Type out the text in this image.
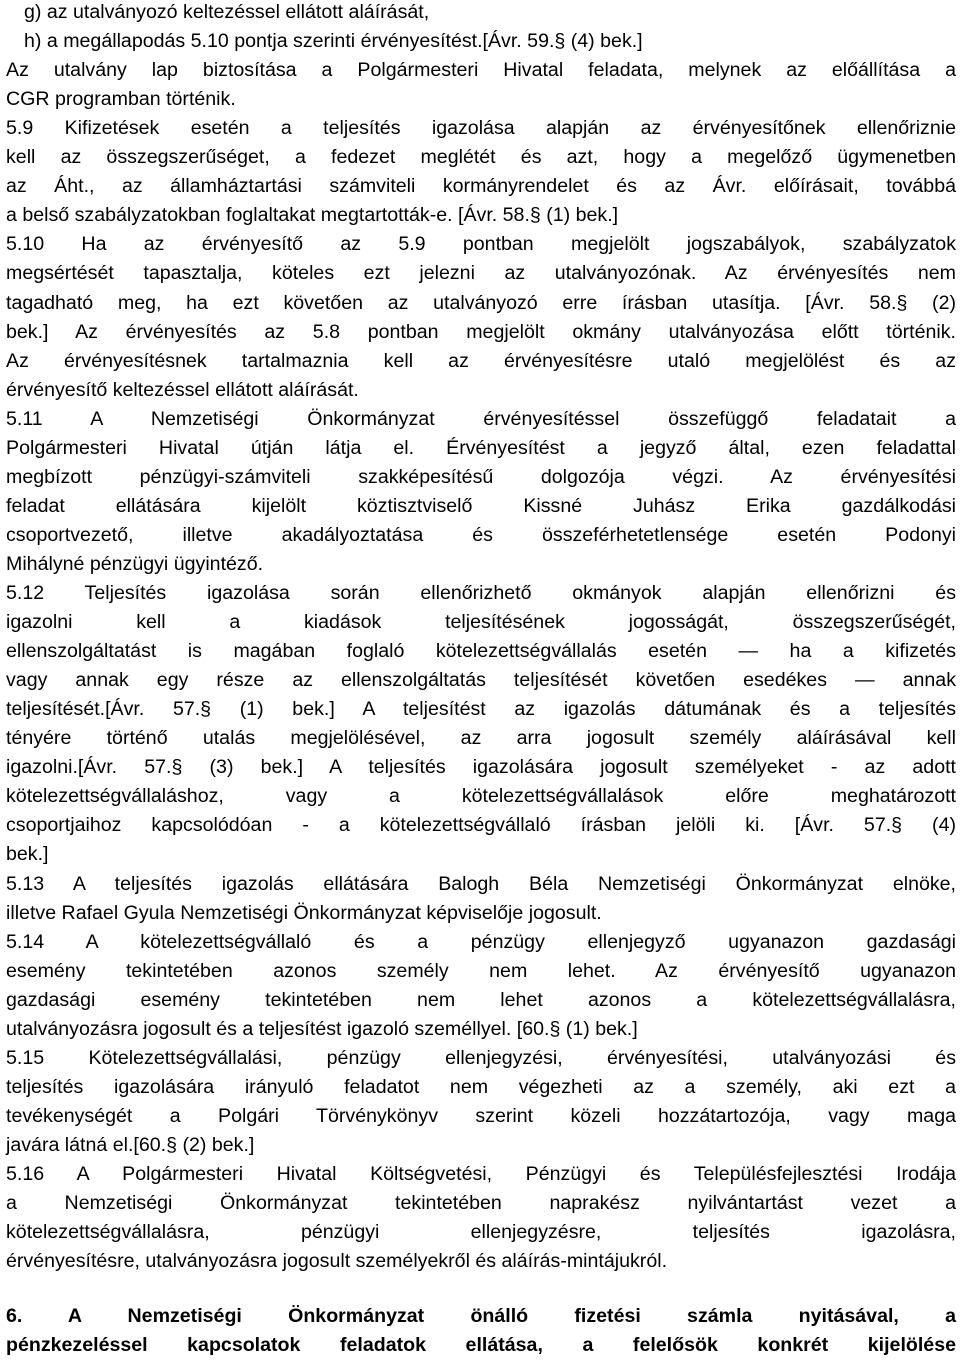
g) az utalványozó keltezéssel ellátott aláírását,
h) a megállapodás 5.10 pontja szerinti érvényesítést.[Ávr. 59.§ (4) bek.]
Az utalvány lap biztosítása a Polgármesteri Hivatal feladata, melynek az előállítása a
CGR programban történik.
5.9 Kifizetések esetén a teljesítés igazolása alapján az érvényesítőnek ellenőriznie
kell az összegszerűséget, a fedezet meglétét és azt, hogy a megelőző ügymenetben
az Áht., az államháztartási számviteli kormányrendelet és az Ávr. előírásait, továbbá
a belső szabályzatokban foglaltakat megtartották-e. [Ávr. 58.§ (1) bek.]
5.10 Ha az érvényesítő az 5.9 pontban megjelölt jogszabályok, szabályzatok
megsértését tapasztalja, köteles ezt jelezni az utalványozónak. Az érvényesítés nem
tagadható meg, ha ezt követően az utalványozó erre írásban utasítja. [Ávr. 58.§ (2)
bek.] Az érvényesítés az 5.8 pontban megjelölt okmány utalványozása előtt történik.
Az érvényesítésnek tartalmaznia kell az érvényesítésre utaló megjelölést és az
érvényesítő keltezéssel ellátott aláírását.
5.11 A Nemzetiségi Önkormányzat érvényesítéssel összefüggő feladatait a
Polgármesteri Hivatal útján látja el. Érvényesítést a jegyző által, ezen feladattal
megbízott pénzügyi-számviteli szakképesítésű dolgozója végzi. Az érvényesítési
feladat ellátására kijelölt köztisztviselő Kissné Juhász Erika gazdálkodási
csoportvezető, illetve akadályoztatása és összeférhetetlensége esetén Podonyi
Mihályné pénzügyi ügyintéző.
5.12 Teljesítés igazolása során ellenőrizhető okmányok alapján ellenőrizni és
igazolni kell a kiadások teljesítésének jogosságát, összegszerűségét,
ellenszolgáltatást is magában foglaló kötelezettségvállalás esetén — ha a kifizetés
vagy annak egy része az ellenszolgáltatás teljesítését követően esedékes — annak
teljesítését.[Ávr. 57.§ (1) bek.] A teljesítést az igazolás dátumának és a teljesítés
tényére történő utalás megjelölésével, az arra jogosult személy aláírásával kell
igazolni.[Ávr. 57.§ (3) bek.] A teljesítés igazolására jogosult személyeket - az adott
kötelezettségvállaláshoz, vagy a kötelezettségvállalások előre meghatározott
csoportjaihoz kapcsolódóan - a kötelezettségvállaló írásban jelöli ki. [Ávr. 57.§ (4)
bek.]
5.13 A teljesítés igazolás ellátására Balogh Béla Nemzetiségi Önkormányzat elnöke,
illetve Rafael Gyula Nemzetiségi Önkormányzat képviselője jogosult.
5.14 A kötelezettségvállaló és a pénzügy ellenjegyző ugyanazon gazdasági
esemény tekintetében azonos személy nem lehet. Az érvényesítő ugyanazon
gazdasági esemény tekintetében nem lehet azonos a kötelezettségvállalásra,
utalványozásra jogosult és a teljesítést igazoló személlyel. [60.§ (1) bek.]
5.15 Kötelezettségvállalási, pénzügy ellenjegyzési, érvényesítési, utalványozási és
teljesítés igazolására irányuló feladatot nem végezheti az a személy, aki ezt a
tevékenységét a Polgári Törvénykönyv szerint közeli hozzátartozója, vagy maga
javára látná el.[60.§ (2) bek.]
5.16 A Polgármesteri Hivatal Költségvetési, Pénzügyi és Településfejlesztési Irodája
a Nemzetiségi Önkormányzat tekintetében naprakész nyilvántartást vezet a
kötelezettségvállalásra, pénzügyi ellenjegyzésre, teljesítés igazolásra,
érvényesítésre, utalványozásra jogosult személyekről és aláírás-mintájukról.
6. A Nemzetiségi Önkormányzat önálló fizetési számla nyitásával, a
pénzkezeléssel kapcsolatok feladatok ellátása, a felelősök konkrét kijelölése
